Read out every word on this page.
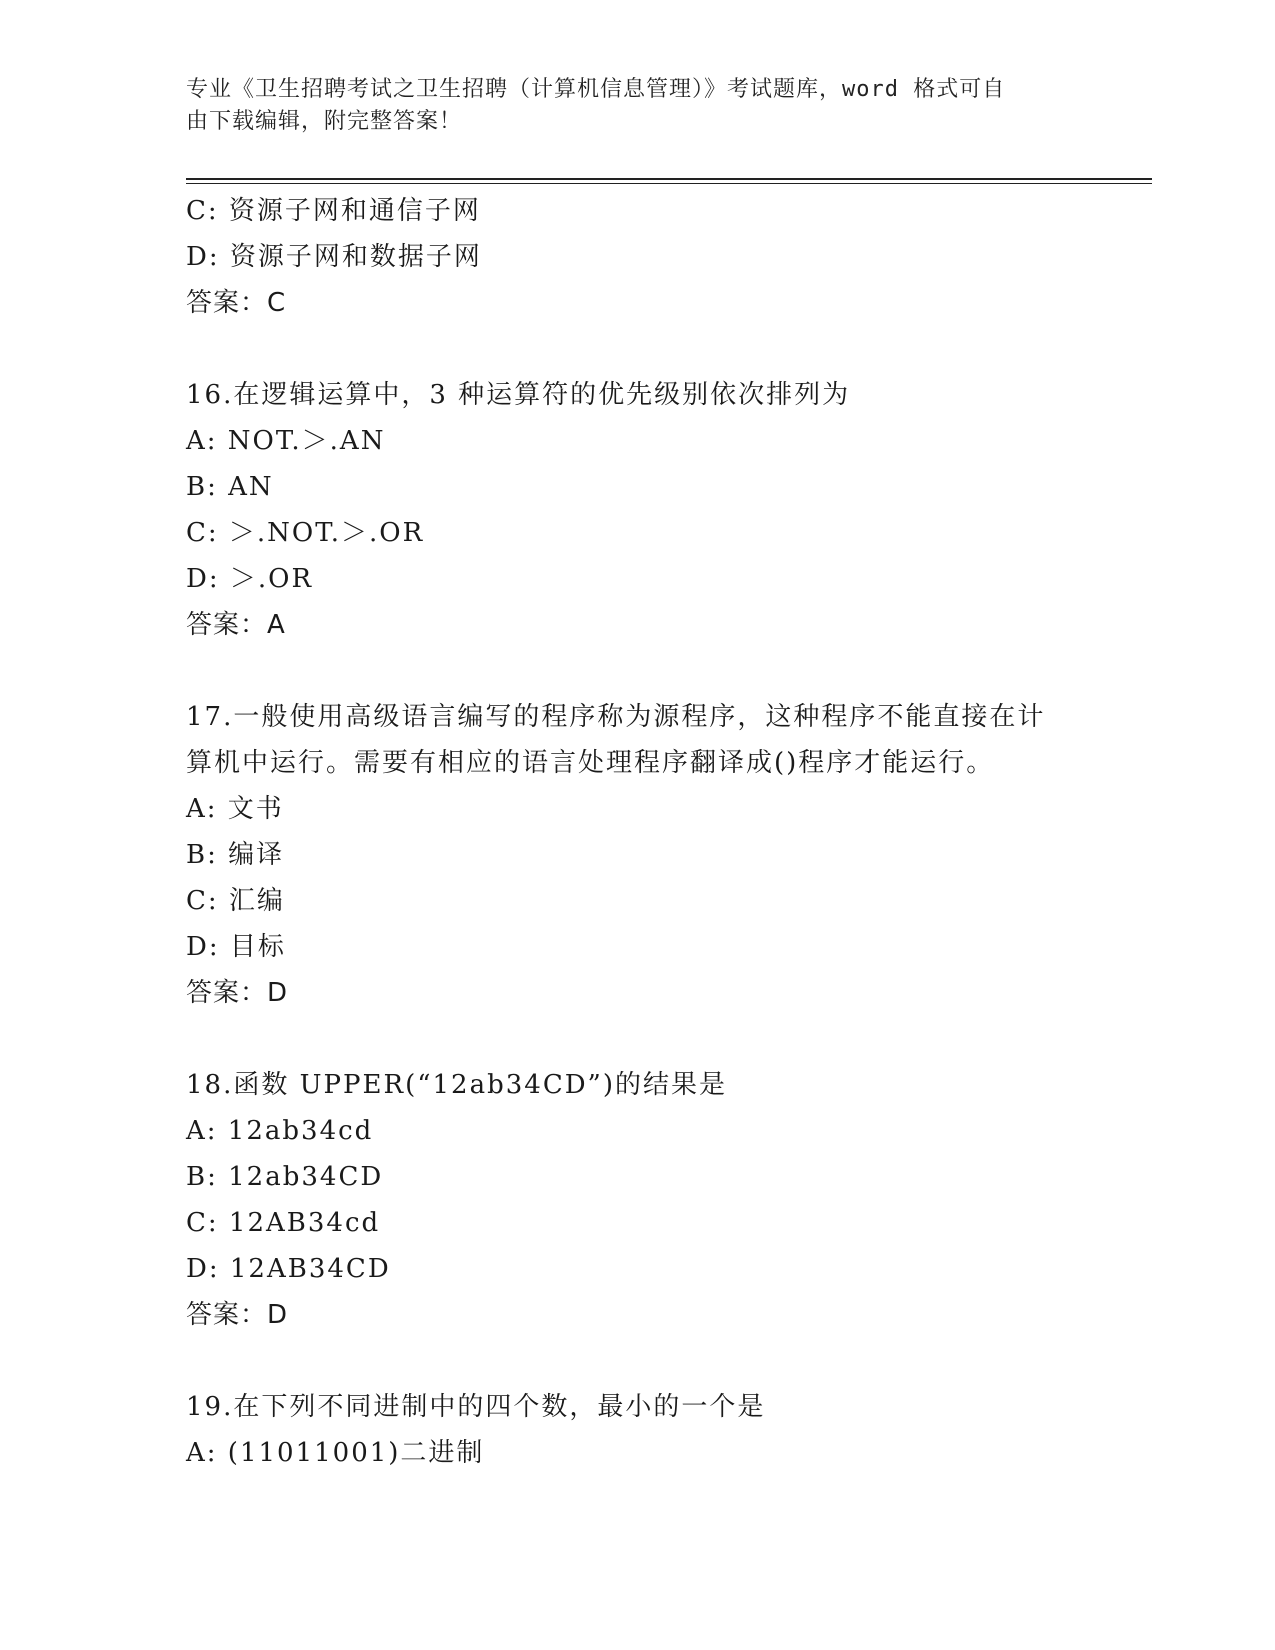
专业《卫生招聘考试之卫生招聘（计算机信息管理）》考试题库，word 格式可自
由下载编辑，附完整答案！
C: 资源子网和通信子网
D: 资源子网和数据子网
答案：C
16.在逻辑运算中，3 种运算符的优先级别依次排列为
A: NOT.＞.AN
B: AN
C: ＞.NOT.＞.OR
D: ＞.OR
答案：A
17.一般使用高级语言编写的程序称为源程序，这种程序不能直接在计
算机中运行。需要有相应的语言处理程序翻译成()程序才能运行。
A: 文书
B: 编译
C: 汇编
D: 目标
答案：D
18.函数 UPPER(“12ab34CD”)的结果是
A: 12ab34cd
B: 12ab34CD
C: 12AB34cd
D: 12AB34CD
答案：D
19.在下列不同进制中的四个数，最小的一个是
A: (11011001)二进制
